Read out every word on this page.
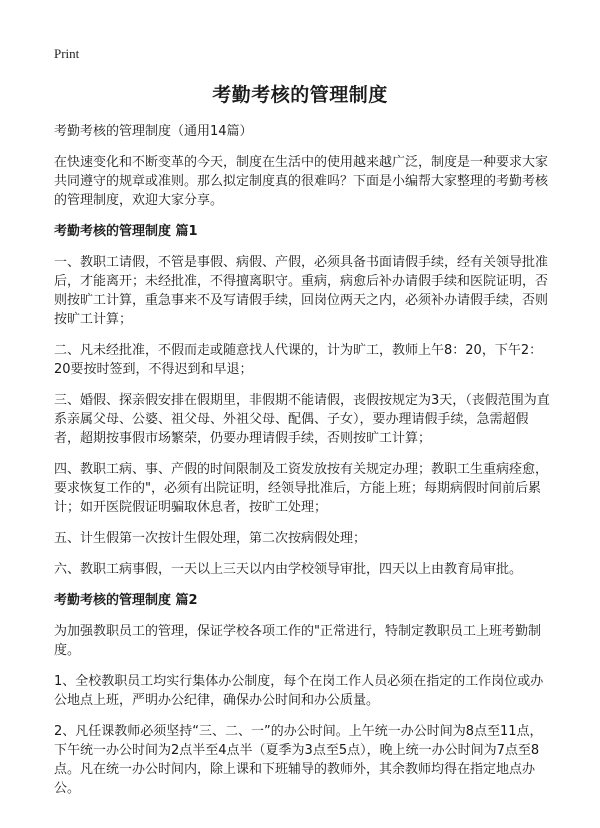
Print
考勤考核的管理制度

考勤考核的管理制度（通用14篇）

在快速变化和不断变革的今天，制度在生活中的使用越来越广泛，制度是一种要求大家共同遵守的规章或准则。那么拟定制度真的很难吗？下面是小编帮大家整理的考勤考核的管理制度，欢迎大家分享。

考勤考核的管理制度 篇1

一、教职工请假，不管是事假、病假、产假，必须具备书面请假手续，经有关领导批准后，才能离开；未经批准，不得擅离职守。重病，病愈后补办请假手续和医院证明，否则按旷工计算，重急事来不及写请假手续，回岗位两天之内，必须补办请假手续，否则按旷工计算；

二、凡未经批准，不假而走或随意找人代课的，计为旷工，教师上午8：20，下午2：20要按时签到，不得迟到和早退；

三、婚假、探亲假安排在假期里，非假期不能请假，丧假按规定为3天，（丧假范围为直系亲属父母、公婆、祖父母、外祖父母、配偶、子女），要办理请假手续，急需超假者，超期按事假市场繁荣，仍要办理请假手续，否则按旷工计算；

四、教职工病、事、产假的时间限制及工资发放按有关规定办理；教职工生重病痊愈，要求恢复工作的"，必须有出院证明，经领导批准后，方能上班；每期病假时间前后累计；如开医院假证明骗取休息者，按旷工处理；

五、计生假第一次按计生假处理，第二次按病假处理；

六、教职工病事假，一天以上三天以内由学校领导审批，四天以上由教育局审批。

考勤考核的管理制度 篇2

为加强教职员工的管理，保证学校各项工作的"正常进行，特制定教职员工上班考勤制度。

1、全校教职员工均实行集体办公制度，每个在岗工作人员必须在指定的工作岗位或办公地点上班，严明办公纪律，确保办公时间和办公质量。

2、凡任课教师必须坚持“三、二、一”的办公时间。上午统一办公时间为8点至11点，下午统一办公时间为2点半至4点半（夏季为3点至5点），晚上统一办公时间为7点至8点。凡在统一办公时间内，除上课和下班辅导的教师外，其余教师均得在指定地点办公。
